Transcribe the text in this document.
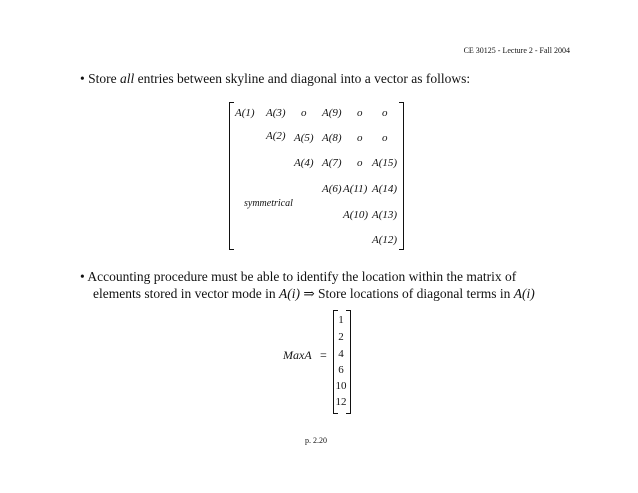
CE 30125 - Lecture 2 - Fall 2004
• Store all entries between skyline and diagonal into a vector as follows:
A(1) A(3) o A(9) o o
A(2) A(5) A(8) o o
A(4) A(7) o A(15)
A(6) A(11) A(14)
symmetrical
A(10) A(13)
A(12)
• Accounting procedure must be able to identify the location within the matrix of
elements stored in vector mode in A(i) ⇒ Store locations of diagonal terms in A(i)
MaxA =
1
2
4
6
10
12
p. 2.20
